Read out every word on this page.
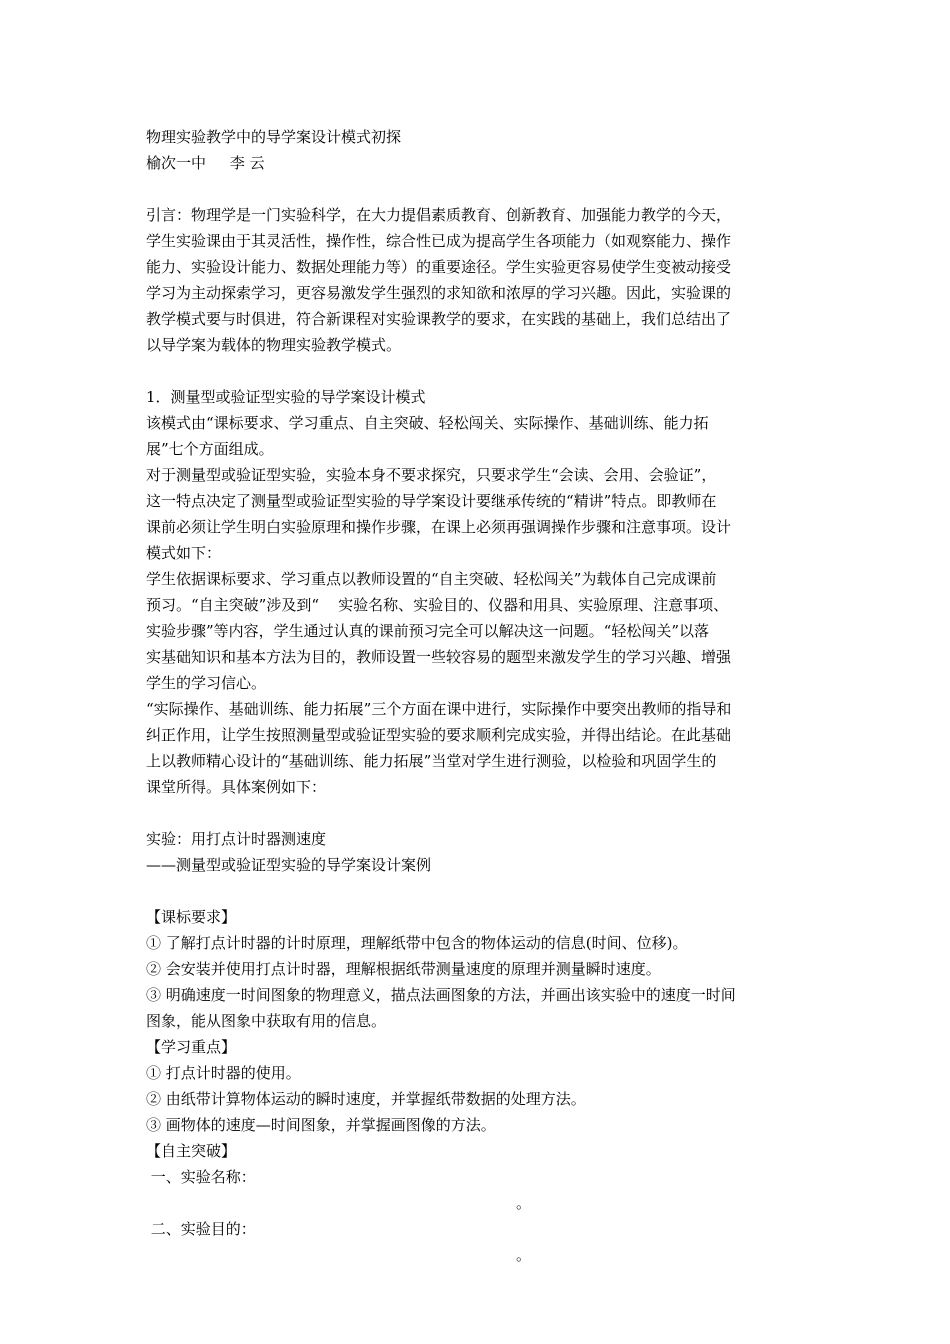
物理实验教学中的导学案设计模式初探
榆次一中     李 云
引言：物理学是一门实验科学，在大力提倡素质教育、创新教育、加强能力教学的今天，
学生实验课由于其灵活性，操作性，综合性已成为提高学生各项能力（如观察能力、操作
能力、实验设计能力、数据处理能力等）的重要途径。学生实验更容易使学生变被动接受
学习为主动探索学习，更容易激发学生强烈的求知欲和浓厚的学习兴趣。因此，实验课的
教学模式要与时俱进，符合新课程对实验课教学的要求，在实践的基础上，我们总结出了
以导学案为载体的物理实验教学模式。
1．测量型或验证型实验的导学案设计模式
该模式由“课标要求、学习重点、自主突破、轻松闯关、实际操作、基础训练、能力拓
展”七个方面组成。
对于测量型或验证型实验，实验本身不要求探究，只要求学生“会读、会用、会验证”，
这一特点决定了测量型或验证型实验的导学案设计要继承传统的“精讲”特点。即教师在
课前必须让学生明白实验原理和操作步骤，在课上必须再强调操作步骤和注意事项。设计
模式如下：
学生依据课标要求、学习重点以教师设置的“自主突破、轻松闯关”为载体自己完成课前
预习。“自主突破”涉及到“    实验名称、实验目的、仪器和用具、实验原理、注意事项、
实验步骤”等内容，学生通过认真的课前预习完全可以解决这一问题。“轻松闯关”以落
实基础知识和基本方法为目的，教师设置一些较容易的题型来激发学生的学习兴趣、增强
学生的学习信心。
“实际操作、基础训练、能力拓展”三个方面在课中进行，实际操作中要突出教师的指导和
纠正作用，让学生按照测量型或验证型实验的要求顺利完成实验，并得出结论。在此基础
上以教师精心设计的“基础训练、能力拓展”当堂对学生进行测验，以检验和巩固学生的
课堂所得。具体案例如下：
实验：用打点计时器测速度
——测量型或验证型实验的导学案设计案例
【课标要求】
① 了解打点计时器的计时原理，理解纸带中包含的物体运动的信息(时间、位移)。
② 会安装并使用打点计时器，理解根据纸带测量速度的原理并测量瞬时速度。
③ 明确速度一时间图象的物理意义，描点法画图象的方法，并画出该实验中的速度一时间
图象，能从图象中获取有用的信息。
【学习重点】
① 打点计时器的使用。
② 由纸带计算物体运动的瞬时速度，并掌握纸带数据的处理方法。
③ 画物体的速度—时间图象，并掌握画图像的方法。
【自主突破】
一、实验名称：
。
二、实验目的：
。
